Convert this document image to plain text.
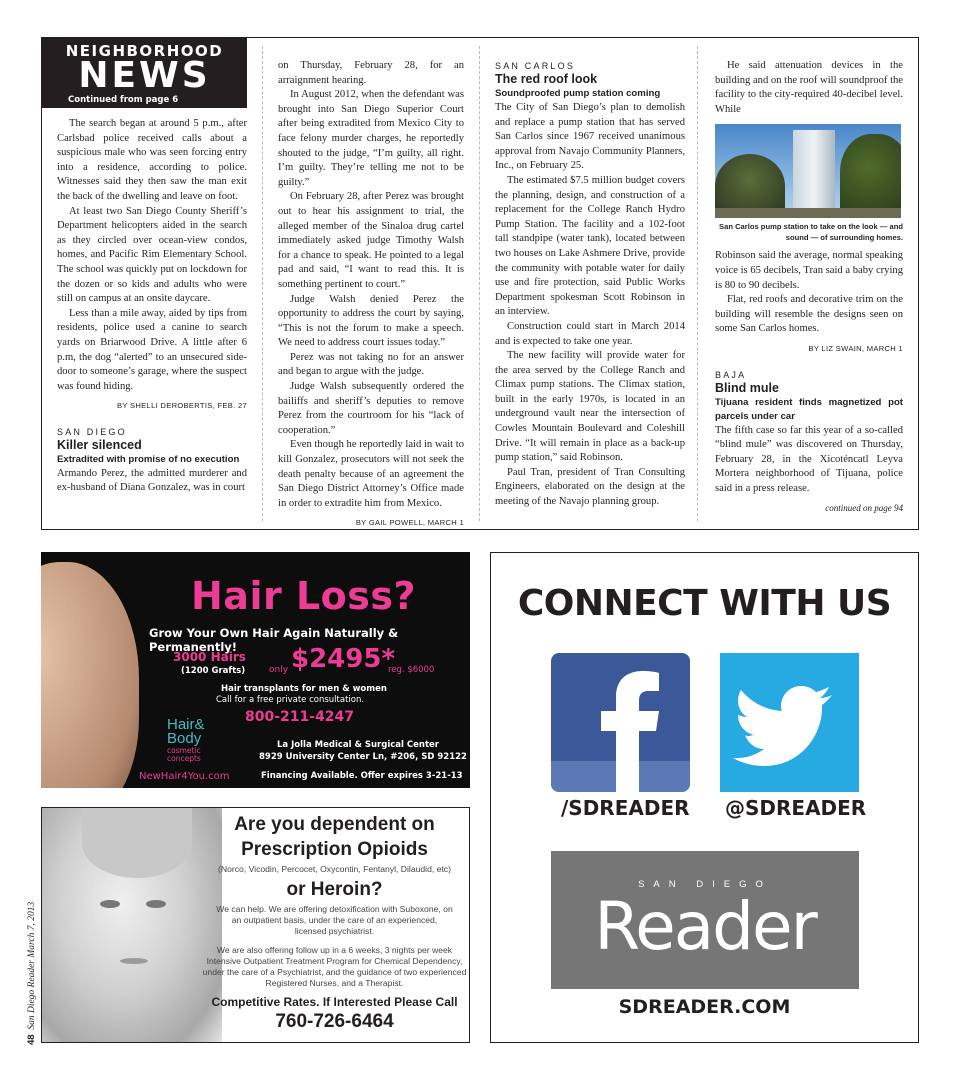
NEIGHBORHOOD
NEWS
Continued from page 6

The search began at around 5 p.m., after Carlsbad police received calls about a suspicious male who was seen forcing entry into a residence, according to police. Witnesses said they then saw the man exit the back of the dwelling and leave on foot.

At least two San Diego County Sheriff’s Department helicopters aided in the search as they circled over ocean-view condos, homes, and Pacific Rim Elementary School. The school was quickly put on lockdown for the dozen or so kids and adults who were still on campus at an onsite daycare.

Less than a mile away, aided by tips from residents, police used a canine to search yards on Briarwood Drive. A little after 6 p.m, the dog “alerted” to an unsecured side-door to someone’s garage, where the suspect was found hiding.

BY SHELLI DEROBERTIS, FEB. 27
SAN DIEGO
Killer silenced
Extradited with promise of no execution

Armando Perez, the admitted murderer and ex-husband of Diana Gonzalez, was in court

on Thursday, February 28, for an arraignment hearing.

In August 2012, when the defendant was brought into San Diego Superior Court after being extradited from Mexico City to face felony murder charges, he reportedly shouted to the judge, “I’m guilty, all right. I’m guilty. They’re telling me not to be guilty.”

On February 28, after Perez was brought out to hear his assignment to trial, the alleged member of the Sinaloa drug cartel immediately asked judge Timothy Walsh for a chance to speak. He pointed to a legal pad and said, “I want to read this. It is something pertinent to court.”

Judge Walsh denied Perez the opportunity to address the court by saying, “This is not the forum to make a speech. We need to address court issues today.”

Perez was not taking no for an answer and began to argue with the judge.

Judge Walsh subsequently ordered the bailiffs and sheriff’s deputies to remove Perez from the courtroom for his “lack of cooperation.”

Even though he reportedly laid in wait to kill Gonzalez, prosecutors will not seek the death penalty because of an agreement the San Diego District Attorney’s Office made in order to extradite him from Mexico.

BY GAIL POWELL, MARCH 1
SAN CARLOS
The red roof look
Soundproofed pump station coming

The City of San Diego’s plan to demolish and replace a pump station that has served San Carlos since 1967 received unanimous approval from Navajo Community Planners, Inc., on February 25.

The estimated $7.5 million budget covers the planning, design, and construction of a replacement for the College Ranch Hydro Pump Station. The facility and a 102-foot tall standpipe (water tank), located between two houses on Lake Ashmere Drive, provide the community with potable water for daily use and fire protection, said Public Works Department spokesman Scott Robinson in an interview.

Construction could start in March 2014 and is expected to take one year.

The new facility will provide water for the area served by the College Ranch and Climax pump stations. The Climax station, built in the early 1970s, is located in an underground vault near the intersection of Cowles Mountain Boulevard and Coleshill Drive. “It will remain in place as a back-up pump station,” said Robinson.

Paul Tran, president of Tran Consulting Engineers, elaborated on the design at the meeting of the Navajo planning group.

He said attenuation devices in the building and on the roof will soundproof the facility to the city-required 40-decibel level. While

San Carlos pump station to take on the look — and sound — of surrounding homes.

Robinson said the average, normal speaking voice is 65 decibels, Tran said a baby crying is 80 to 90 decibels.

Flat, red roofs and decorative trim on the building will resemble the designs seen on some San Carlos homes.

BY LIZ SWAIN, MARCH 1
BAJA
Blind mule
Tijuana resident finds magnetized pot parcels under car

The fifth case so far this year of a so-called “blind mule” was discovered on Thursday, February 28, in the Xicoténcatl Leyva Mortera neighborhood of Tijuana, police said in a press release.

continued on page 94
Hair Loss?
Grow Your Own Hair Again Naturally & Permanently!
3000 Hairs
(1200 Grafts)	only $2495*
reg. $6000
Hair transplants for men & women
Call for a free private consultation.
800-211-4247
Hair&
Body
cosmetic
concepts
La Jolla Medical & Surgical Center
8929 University Center Ln, #206, SD 92122
NewHair4You.com	Financing Available. Offer expires 3-21-13
Are you dependent on
Prescription Opioids
(Norco, Vicodin, Percocet, Oxycontin, Fentanyl, Dilaudid, etc)
or Heroin?
We can help. We are offering detoxification with Suboxone, on an outpatient basis, under the care of an experienced, licensed psychiatrist.
We are also offering follow up in a 6 weeks, 3 nights per week Intensive Outpatient Treatment Program for Chemical Dependency, under the care of a Psychiatrist, and the guidance of two experienced Registered Nurses, and a Therapist.
Competitive Rates. If Interested Please Call
760-726-6464
48  San Diego Reader March 7, 2013
CONNECT WITH US
/SDREADER @SDREADER
SAN DIEGO
Reader
SDREADER.COM
